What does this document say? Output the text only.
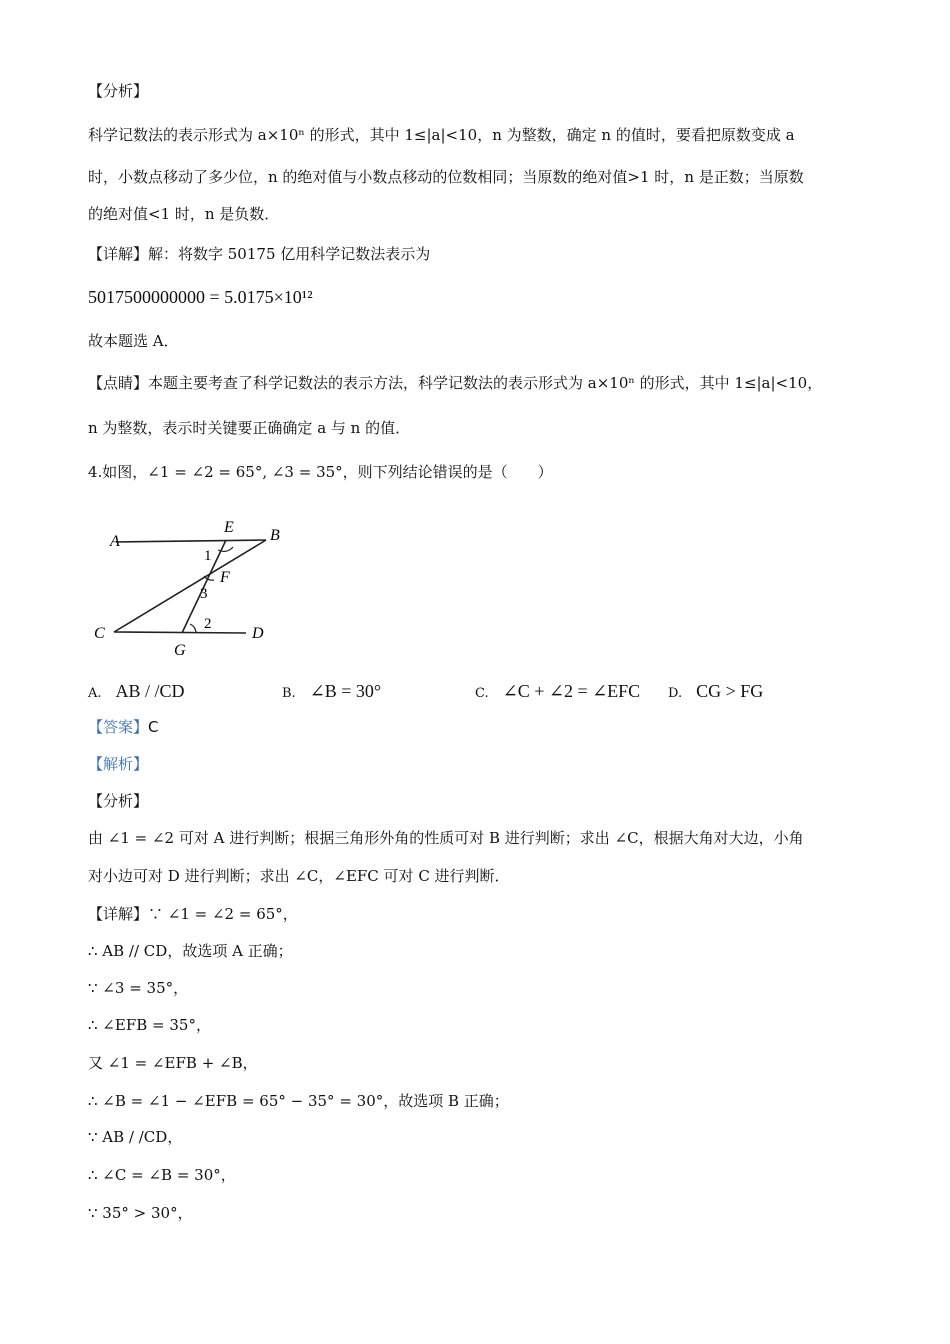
【分析】
科学记数法的表示形式为 a×10ⁿ 的形式，其中 1≤|a|<10，n 为整数，确定 n 的值时，要看把原数变成 a
时，小数点移动了多少位，n 的绝对值与小数点移动的位数相同；当原数的绝对值>1 时，n 是正数；当原数
的绝对值<1 时，n 是负数．
【详解】解：将数字 50175 亿用科学记数法表示为
5017500000000 = 5.0175×10¹²
故本题选 A．
【点睛】本题主要考查了科学记数法的表示方法，科学记数法的表示形式为 a×10ⁿ 的形式，其中 1≤|a|<10，
n 为整数，表示时关键要正确确定 a 与 n 的值．
4.如图，∠1 = ∠2 = 65°, ∠3 = 35°，则下列结论错误的是（　　）
A	B
C	D
E
F
G
1
3
2
A. AB / /CD	B. ∠B = 30°	C. ∠C + ∠2 = ∠EFC D. CG > FG
【答案】C
【解析】
【分析】
由 ∠1 = ∠2 可对 A 进行判断；根据三角形外角的性质可对 B 进行判断；求出 ∠C，根据大角对大边，小角
对小边可对 D 进行判断；求出 ∠C，∠EFC 可对 C 进行判断．
【详解】∵ ∠1 = ∠2 = 65°，
∴ AB // CD，故选项 A 正确；
∵ ∠3 = 35°，
∴ ∠EFB = 35°，
又 ∠1 = ∠EFB + ∠B，
∴ ∠B = ∠1 − ∠EFB = 65° − 35° = 30°，故选项 B 正确；
∵ AB / /CD，
∴ ∠C = ∠B = 30°，
∵ 35° > 30°，
